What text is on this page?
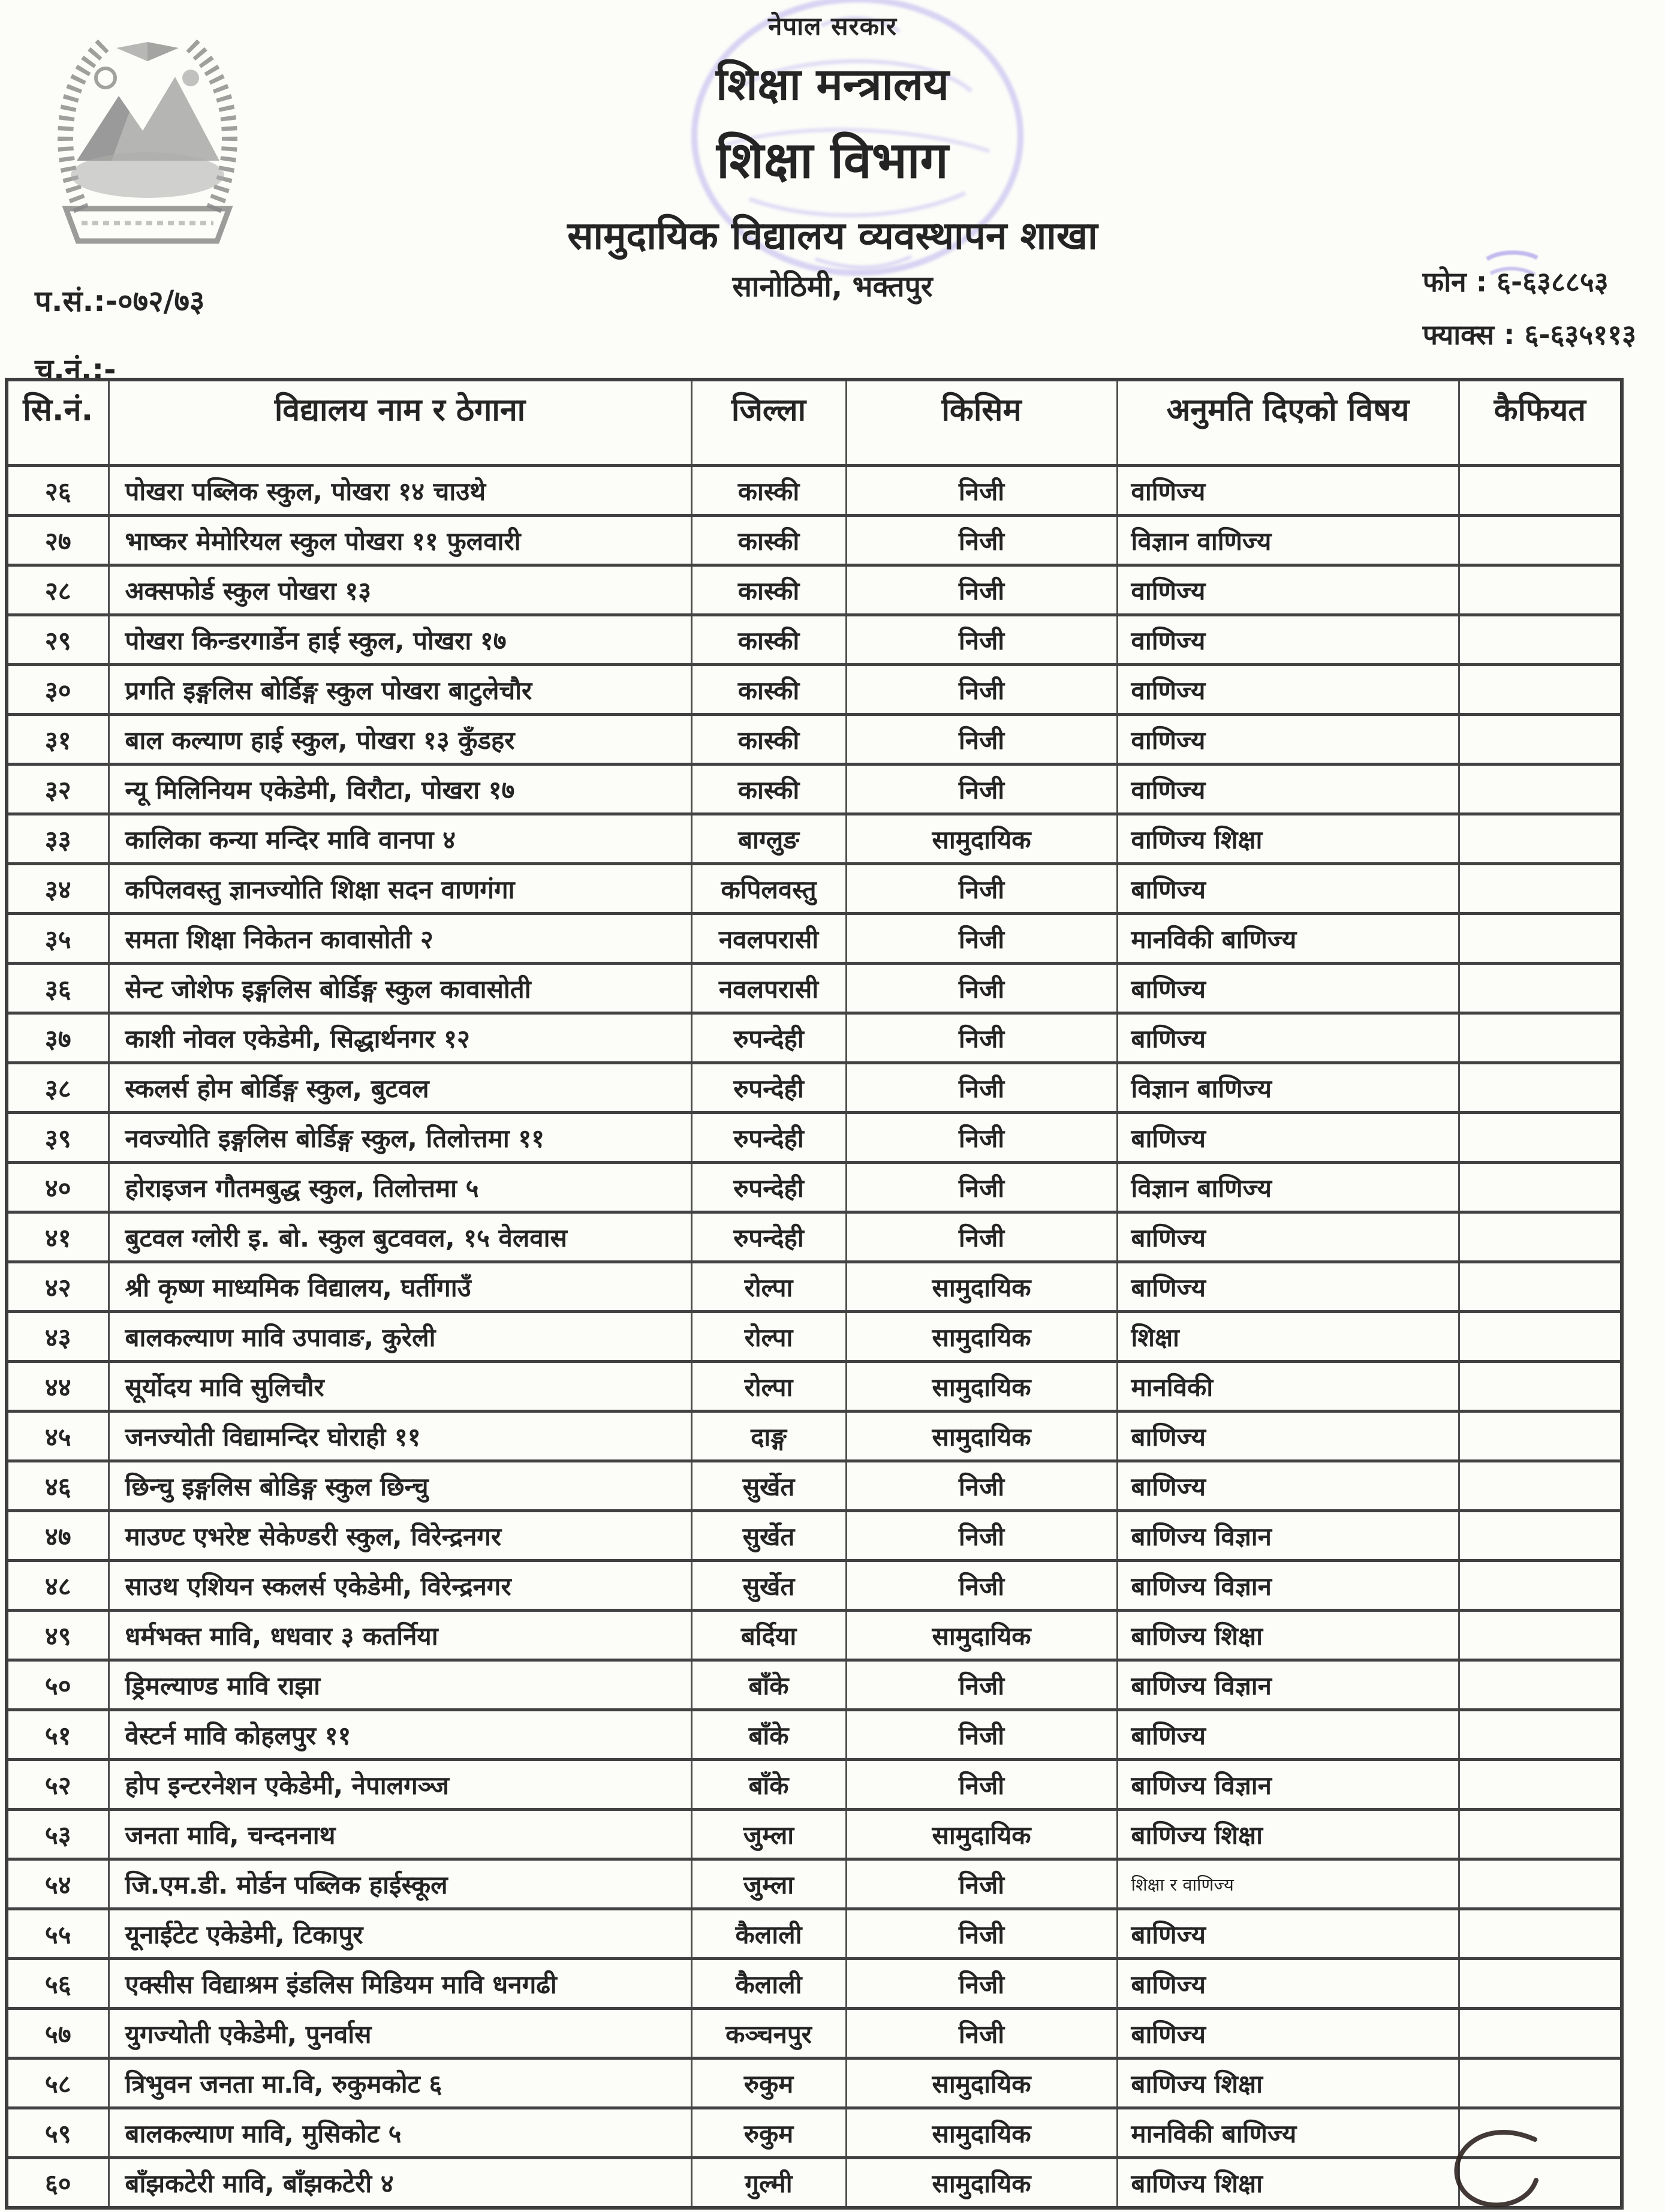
नेपाल सरकार
शिक्षा मन्त्रालय
शिक्षा विभाग
सामुदायिक विद्यालय व्यवस्थापन शाखा
सानोठिमी, भक्तपुर
प.सं.:-०७२/७३
च.नं.:-
फोन : ६-६३८८५३
फ्याक्स : ६-६३५११३
सि.नं.	विद्यालय नाम र ठेगाना	जिल्ला	किसिम	अनुमति दिएको विषय	कैफियत
२६	पोखरा पब्लिक स्कुल, पोखरा १४ चाउथे	कास्की	निजी	वाणिज्य	
२७	भाष्कर मेमोरियल स्कुल पोखरा ११ फुलवारी	कास्की	निजी	विज्ञान वाणिज्य	
२८	अक्सफोर्ड स्कुल पोखरा १३	कास्की	निजी	वाणिज्य	
२९	पोखरा किन्डरगार्डेन हाई स्कुल, पोखरा १७	कास्की	निजी	वाणिज्य	
३०	प्रगति इङ्गलिस बोर्डिङ्ग स्कुल पोखरा बाटुलेचौर	कास्की	निजी	वाणिज्य	
३१	बाल कल्याण हाई स्कुल, पोखरा १३ कुँडहर	कास्की	निजी	वाणिज्य	
३२	न्यू मिलिनियम एकेडेमी, विरौटा, पोखरा १७	कास्की	निजी	वाणिज्य	
३३	कालिका कन्या मन्दिर मावि वानपा ४	बाग्लुङ	सामुदायिक	वाणिज्य शिक्षा	
३४	कपिलवस्तु ज्ञानज्योति शिक्षा सदन वाणगंगा	कपिलवस्तु	निजी	बाणिज्य	
३५	समता शिक्षा निकेतन कावासोती २	नवलपरासी	निजी	मानविकी बाणिज्य	
३६	सेन्ट जोशेफ इङ्गलिस बोर्डिङ्ग स्कुल कावासोती	नवलपरासी	निजी	बाणिज्य	
३७	काशी नोवल एकेडेमी, सिद्धार्थनगर १२	रुपन्देही	निजी	बाणिज्य	
३८	स्कलर्स होम बोर्डिङ्ग स्कुल, बुटवल	रुपन्देही	निजी	विज्ञान बाणिज्य	
३९	नवज्योति इङ्गलिस बोर्डिङ्ग स्कुल, तिलोत्तमा ११	रुपन्देही	निजी	बाणिज्य	
४०	होराइजन गौतमबुद्ध स्कुल, तिलोत्तमा ५	रुपन्देही	निजी	विज्ञान बाणिज्य	
४१	बुटवल ग्लोरी इ. बो. स्कुल बुटववल, १५ वेलवास	रुपन्देही	निजी	बाणिज्य	
४२	श्री कृष्ण माध्यमिक विद्यालय, घर्तीगाउँ	रोल्पा	सामुदायिक	बाणिज्य	
४३	बालकल्याण मावि उपावाङ, कुरेली	रोल्पा	सामुदायिक	शिक्षा	
४४	सूर्योदय मावि सुलिचौर	रोल्पा	सामुदायिक	मानविकी	
४५	जनज्योती विद्यामन्दिर घोराही ११	दाङ्ग	सामुदायिक	बाणिज्य	
४६	छिन्चु इङ्गलिस बोडिङ्ग स्कुल छिन्चु	सुर्खेत	निजी	बाणिज्य	
४७	माउण्ट एभरेष्ट सेकेण्डरी स्कुल, विरेन्द्रनगर	सुर्खेत	निजी	बाणिज्य विज्ञान	
४८	साउथ एशियन स्कलर्स एकेडेमी, विरेन्द्रनगर	सुर्खेत	निजी	बाणिज्य विज्ञान	
४९	धर्मभक्त मावि, धधवार ३ कतर्निया	बर्दिया	सामुदायिक	बाणिज्य शिक्षा	
५०	ड्रिमल्याण्ड मावि राझा	बाँके	निजी	बाणिज्य विज्ञान	
५१	वेस्टर्न मावि कोहलपुर ११	बाँके	निजी	बाणिज्य	
५२	होप इन्टरनेशन एकेडेमी, नेपालगञ्ज	बाँके	निजी	बाणिज्य विज्ञान	
५३	जनता मावि, चन्दननाथ	जुम्ला	सामुदायिक	बाणिज्य शिक्षा	
५४	जि.एम.डी. मोर्डन पब्लिक हाईस्कूल	जुम्ला	निजी	शिक्षा र वाणिज्य	
५५	यूनाईटेट एकेडेमी, टिकापुर	कैलाली	निजी	बाणिज्य	
५६	एक्सीस विद्याश्रम इंडलिस मिडियम मावि धनगढी	कैलाली	निजी	बाणिज्य	
५७	युगज्योती एकेडेमी, पुनर्वास	कञ्चनपुर	निजी	बाणिज्य	
५८	त्रिभुवन जनता मा.वि, रुकुमकोट ६	रुकुम	सामुदायिक	बाणिज्य शिक्षा	
५९	बालकल्याण मावि, मुसिकोट ५	रुकुम	सामुदायिक	मानविकी बाणिज्य	
६०	बाँझकटेरी मावि, बाँझकटेरी ४	गुल्मी	सामुदायिक	बाणिज्य शिक्षा	
